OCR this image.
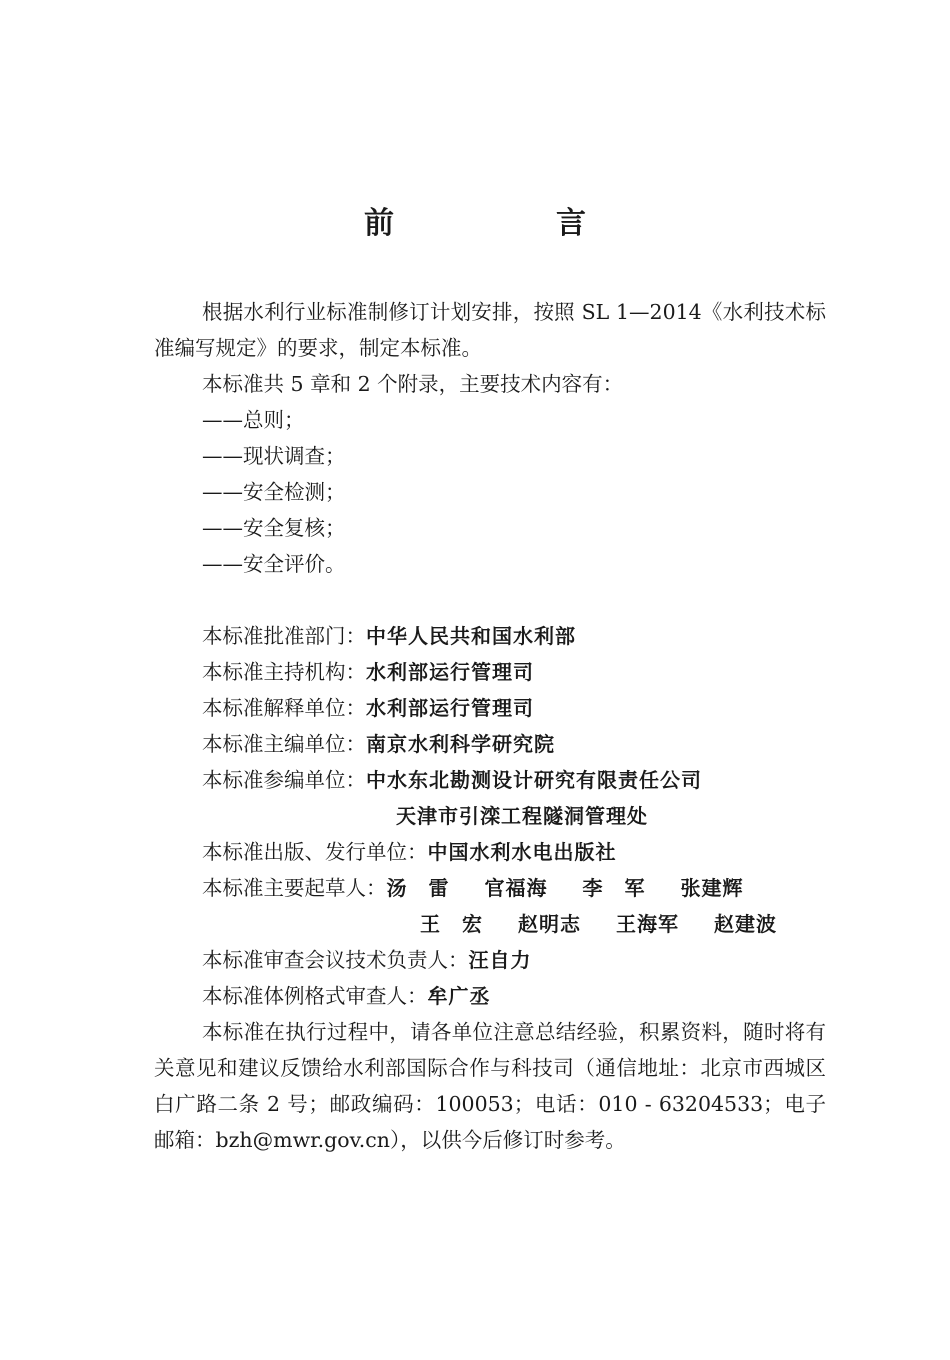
前　言

根据水利行业标准制修订计划安排，按照 SL 1—2014《水利技术标准编写规定》的要求，制定本标准。

本标准共 5 章和 2 个附录，主要技术内容有：

——总则；

——现状调查；

——安全检测；

——安全复核；

——安全评价。

本标准批准部门：中华人民共和国水利部

本标准主持机构：水利部运行管理司

本标准解释单位：水利部运行管理司

本标准主编单位：南京水利科学研究院

本标准参编单位：中水东北勘测设计研究有限责任公司

天津市引滦工程隧洞管理处

本标准出版、发行单位：中国水利水电出版社

本标准主要起草人：汤　雷 官福海 李　军 张建辉

王　宏 赵明志 王海军 赵建波

本标准审查会议技术负责人：汪自力

本标准体例格式审查人：牟广丞

本标准在执行过程中，请各单位注意总结经验，积累资料，随时将有关意见和建议反馈给水利部国际合作与科技司（通信地址：北京市西城区白广路二条 2 号；邮政编码：100053；电话：010 - 63204533；电子邮箱：bzh@mwr.gov.cn），以供今后修订时参考。
